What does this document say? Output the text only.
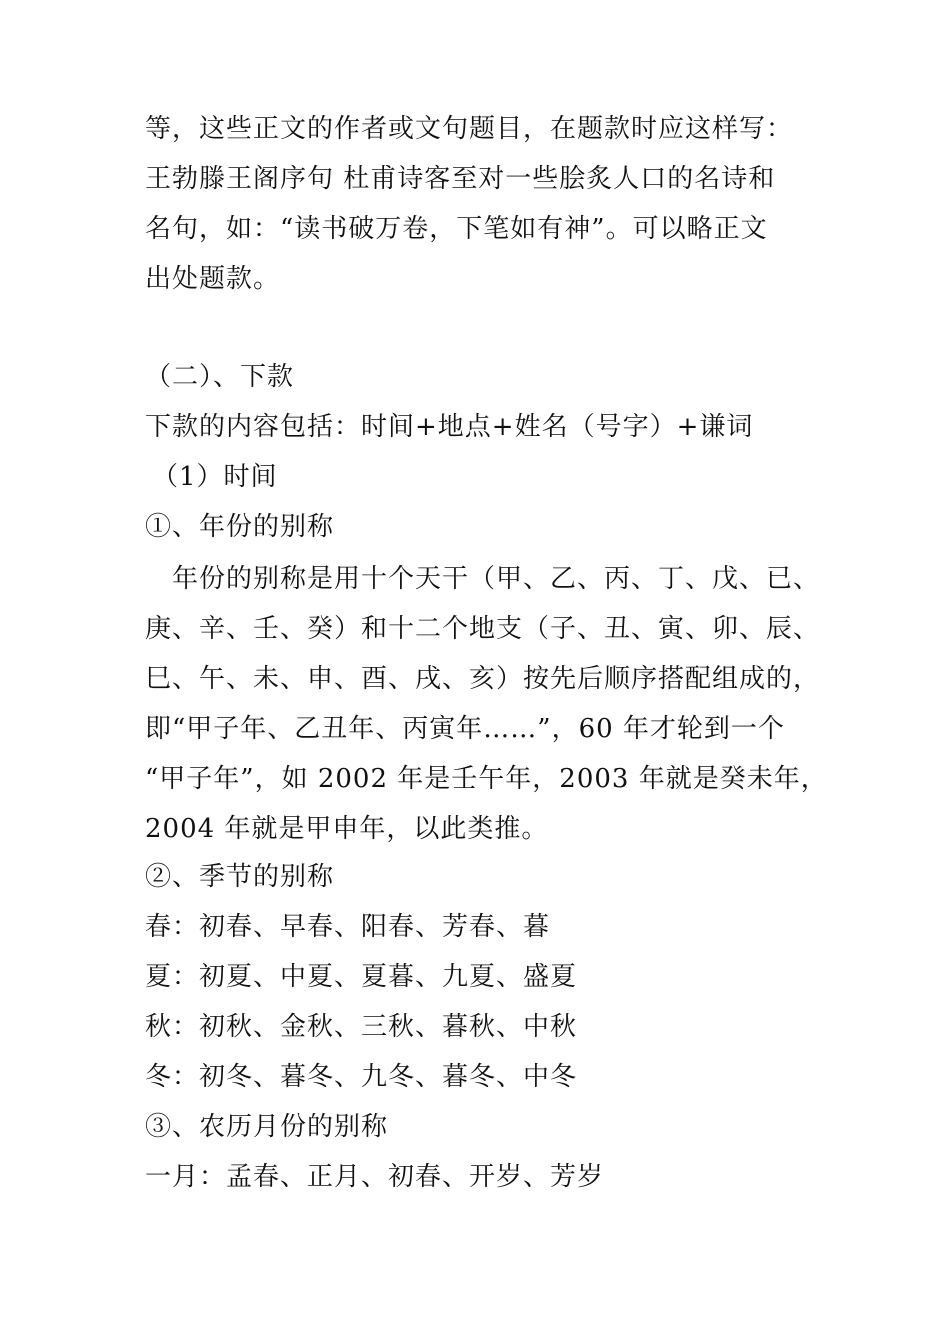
等，这些正文的作者或文句题目，在题款时应这样写：
王勃滕王阁序句 杜甫诗客至对一些脍炙人口的名诗和
名句，如：“读书破万卷，下笔如有神”。可以略正文
出处题款。
（二）、下款
下款的内容包括：时间+地点+姓名（号字）+谦词
（1）时间
①、年份的别称
年份的别称是用十个天干（甲、乙、丙、丁、戊、已、
庚、辛、壬、癸）和十二个地支（子、丑、寅、卯、辰、
巳、午、未、申、酉、戌、亥）按先后顺序搭配组成的，
即“甲子年、乙丑年、丙寅年……”，60 年才轮到一个
“甲子年”，如 2002 年是壬午年，2003 年就是癸未年，
2004 年就是甲申年，以此类推。
②、季节的别称
春：初春、早春、阳春、芳春、暮
夏：初夏、中夏、夏暮、九夏、盛夏
秋：初秋、金秋、三秋、暮秋、中秋
冬：初冬、暮冬、九冬、暮冬、中冬
③、农历月份的别称
一月：孟春、正月、初春、开岁、芳岁
